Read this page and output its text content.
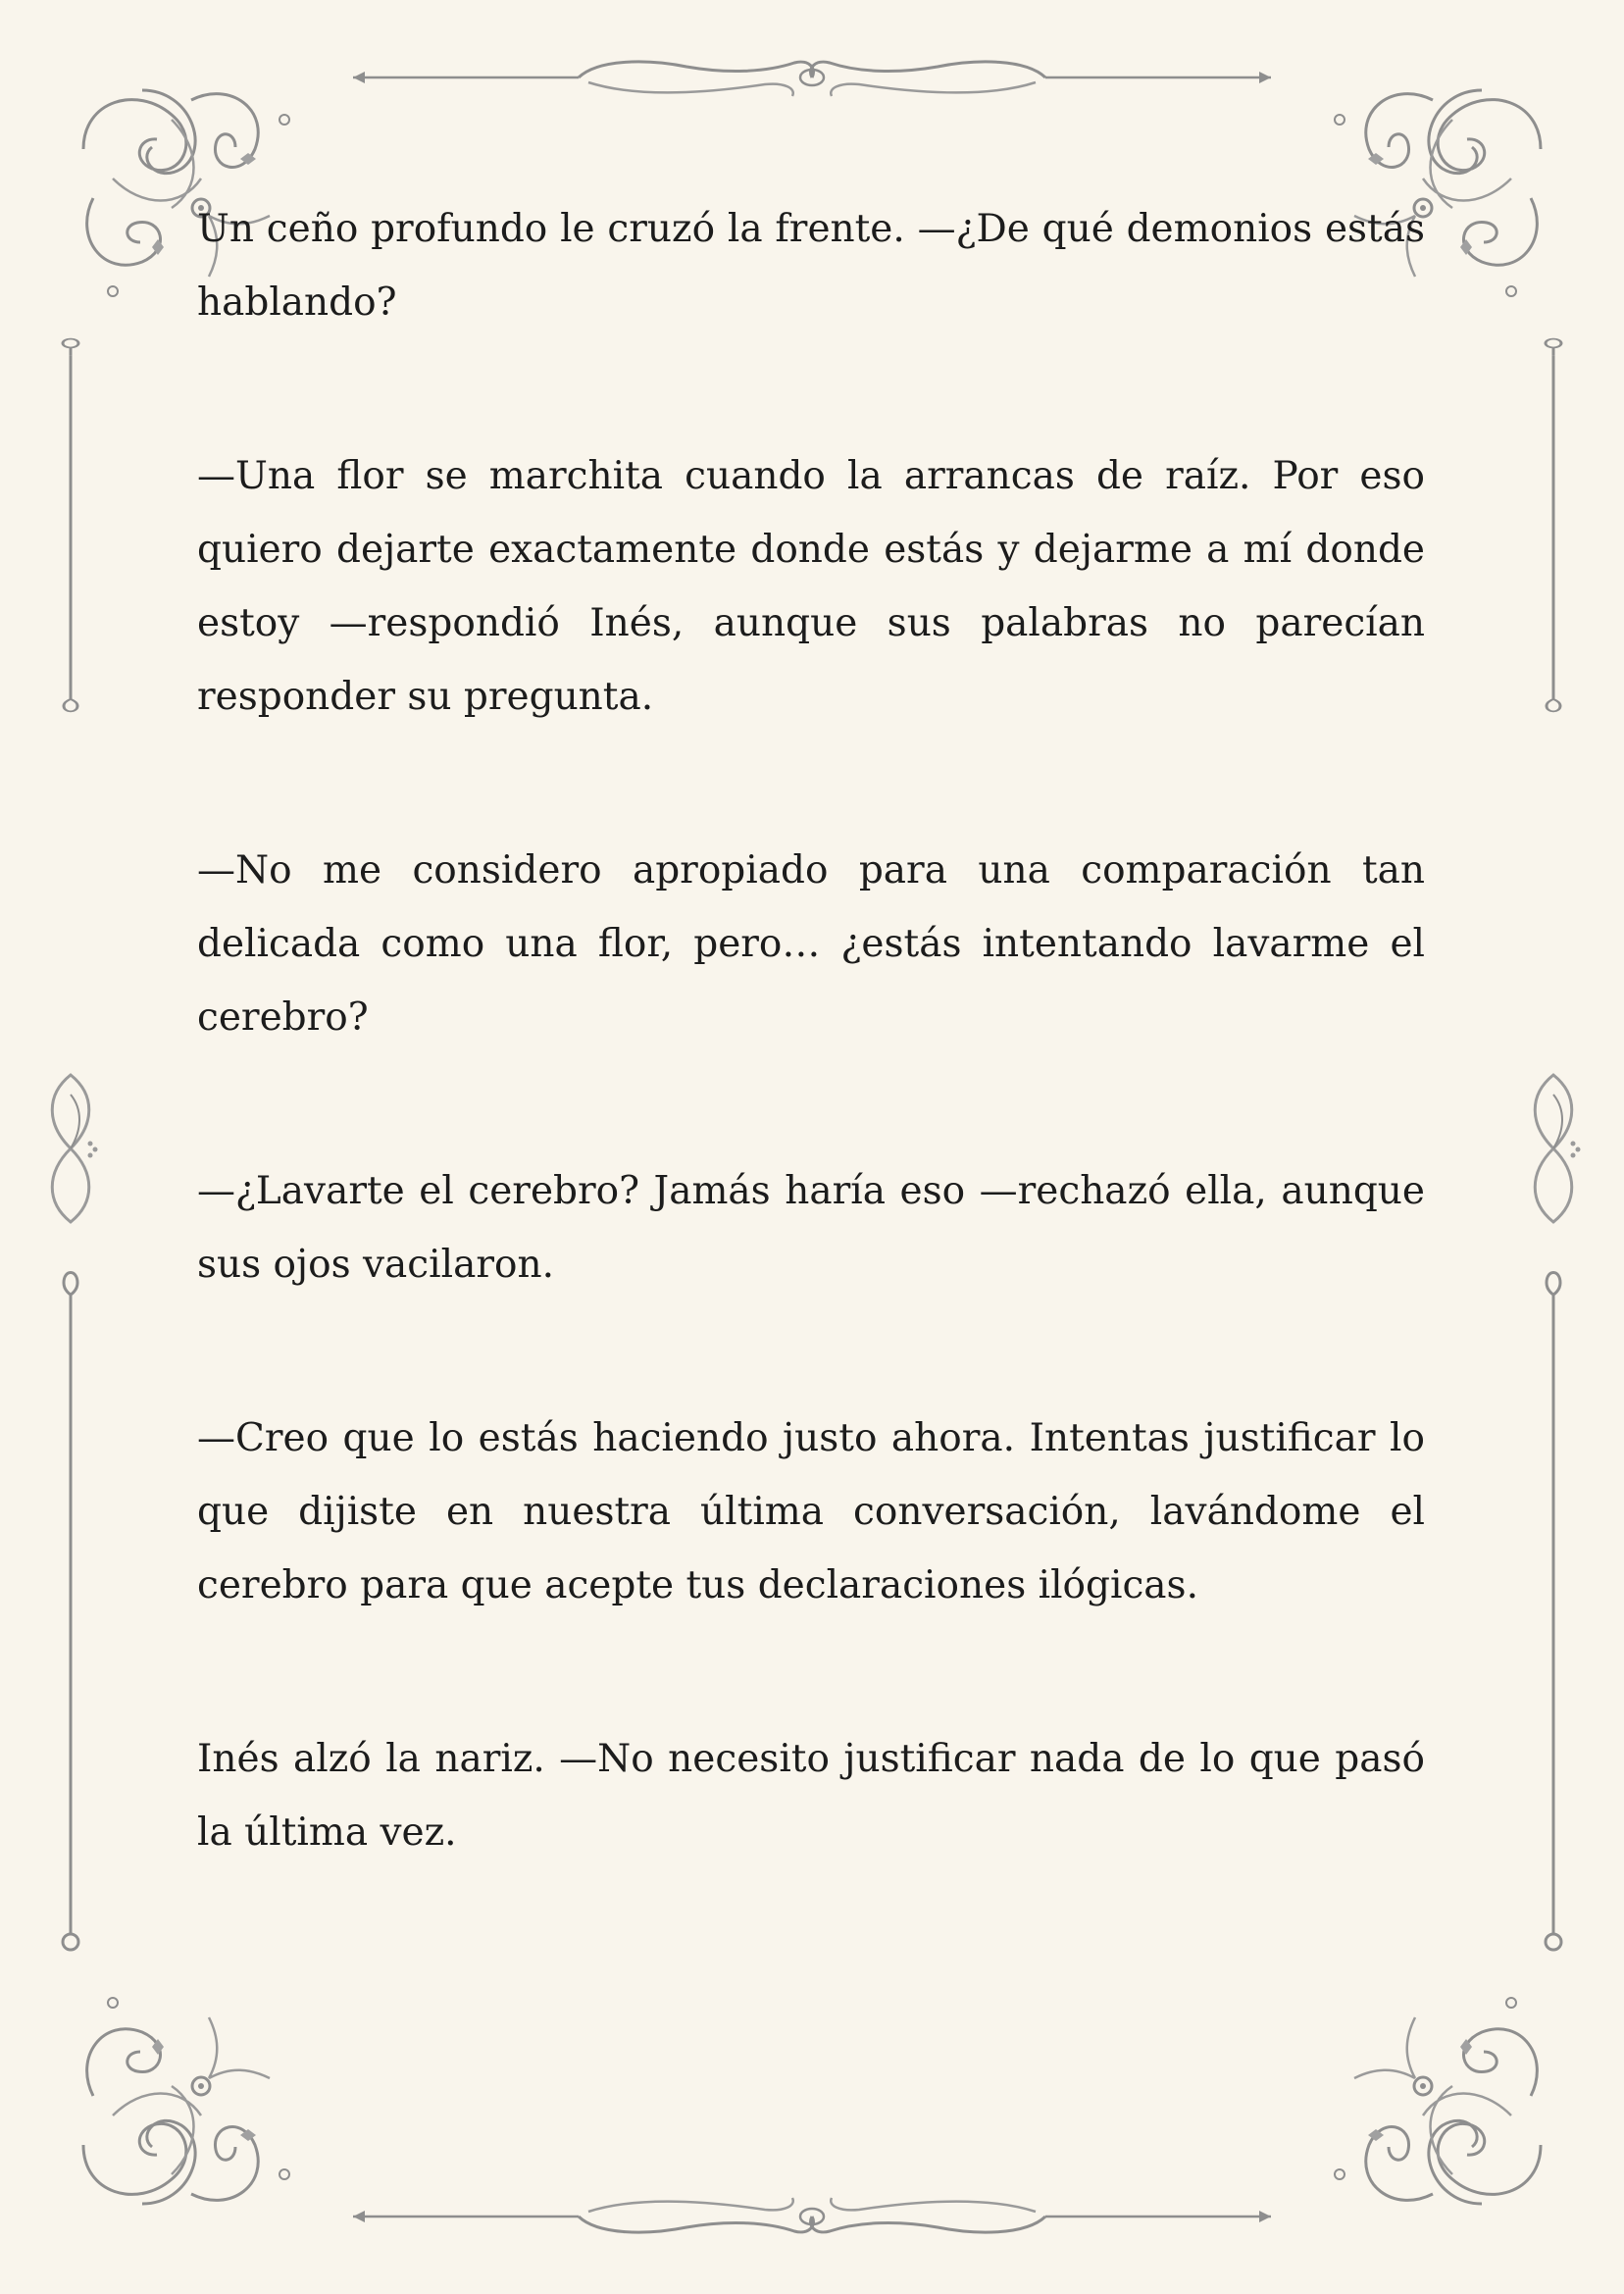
Un ceño profundo le cruzó la frente. —¿De qué demonios estás hablando?

—Una flor se marchita cuando la arrancas de raíz. Por eso quiero dejarte exactamente donde estás y dejarme a mí donde estoy —respondió Inés, aunque sus palabras no parecían responder su pregunta.

—No me considero apropiado para una comparación tan delicada como una flor, pero… ¿estás intentando lavarme el cerebro?

—¿Lavarte el cerebro? Jamás haría eso —rechazó ella, aunque sus ojos vacilaron.

—Creo que lo estás haciendo justo ahora. Intentas justificar lo que dijiste en nuestra última conversación, lavándome el cerebro para que acepte tus declaraciones ilógicas.

Inés alzó la nariz. —No necesito justificar nada de lo que pasó la última vez.
